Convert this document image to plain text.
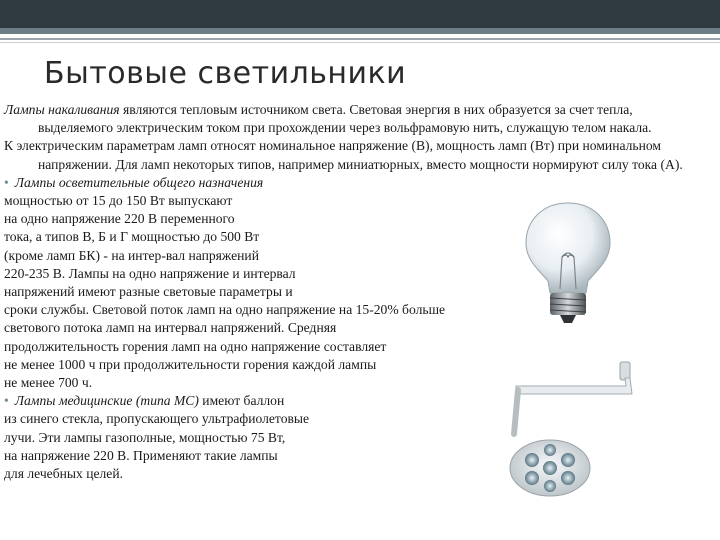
Бытовые светильники

Лампы накаливания являются тепловым источником света. Световая энергия в них образуется за счет тепла, выделяемого электрическим током при прохождении через вольфрамовую нить, служащую телом накала.

К электрическим параметрам ламп относят номинальное напряжение (В), мощность ламп (Вт) при номинальном напряжении. Для ламп некоторых типов, например миниатюрных, вместо мощности нормируют силу тока (А).

• Лампы осветительные общего назначения

мощностью от 15 до 150 Вт выпускают

на одно напряжение 220 В переменного

тока, а типов В, Б и Г мощностью до 500 Вт

(кроме ламп БК) - на интер-вал напряжений

220-235 В. Лампы на одно напряжение и интервал

напряжений имеют разные световые параметры и

сроки службы. Световой поток ламп на одно напряжение на 15-20% больше

светового потока ламп на интервал напряжений. Средняя

продолжительность горения ламп на одно напряжение составляет

не менее 1000 ч при продолжительности горения каждой лампы

не менее 700 ч.

• Лампы медицинские (типа МС) имеют баллон

из синего стекла, пропускающего ультрафиолетовые

лучи. Эти лампы газополные, мощностью 75 Вт,

на напряжение 220 В. Применяют такие лампы

для лечебных целей.
